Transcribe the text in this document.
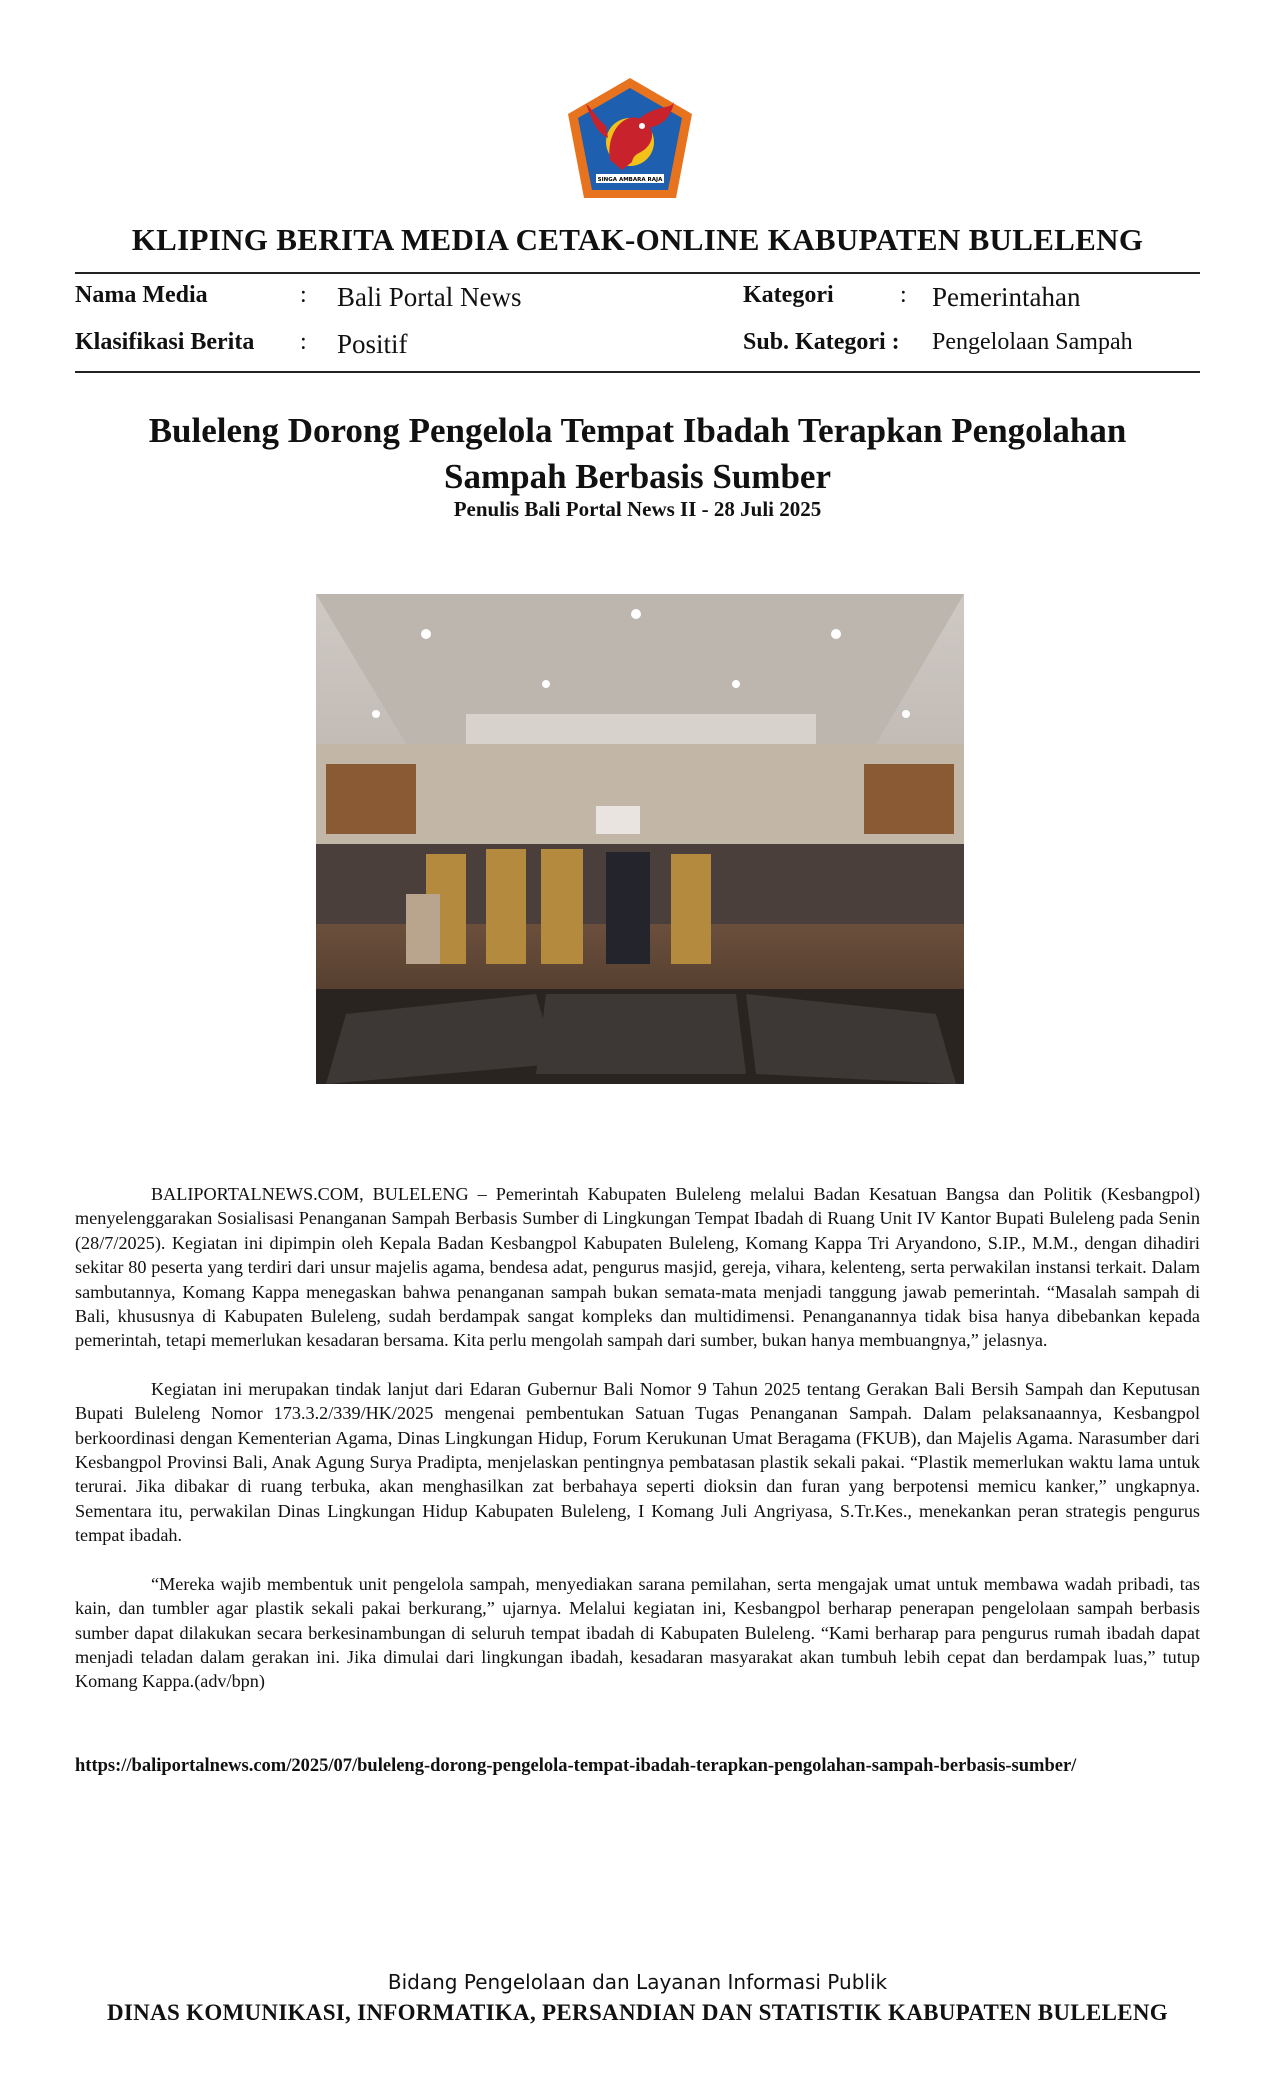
SINGA AMBARA RAJA
KLIPING BERITA MEDIA CETAK-ONLINE KABUPATEN BULELENG
Nama Media	: Bali Portal News	Kategori	: Pemerintahan
Klasifikasi Berita : Positif	Sub. Kategori : Pengelolaan Sampah
Buleleng Dorong Pengelola Tempat Ibadah Terapkan Pengolahan Sampah Berbasis Sumber
Penulis Bali Portal News II - 28 Juli 2025

BALIPORTALNEWS.COM, BULELENG – Pemerintah Kabupaten Buleleng melalui Badan Kesatuan Bangsa dan Politik (Kesbangpol) menyelenggarakan Sosialisasi Penanganan Sampah Berbasis Sumber di Lingkungan Tempat Ibadah di Ruang Unit IV Kantor Bupati Buleleng pada Senin (28/7/2025). Kegiatan ini dipimpin oleh Kepala Badan Kesbangpol Kabupaten Buleleng, Komang Kappa Tri Aryandono, S.IP., M.M., dengan dihadiri sekitar 80 peserta yang terdiri dari unsur majelis agama, bendesa adat, pengurus masjid, gereja, vihara, kelenteng, serta perwakilan instansi terkait. Dalam sambutannya, Komang Kappa menegaskan bahwa penanganan sampah bukan semata-mata menjadi tanggung jawab pemerintah. “Masalah sampah di Bali, khususnya di Kabupaten Buleleng, sudah berdampak sangat kompleks dan multidimensi. Penanganannya tidak bisa hanya dibebankan kepada pemerintah, tetapi memerlukan kesadaran bersama. Kita perlu mengolah sampah dari sumber, bukan hanya membuangnya,” jelasnya.

Kegiatan ini merupakan tindak lanjut dari Edaran Gubernur Bali Nomor 9 Tahun 2025 tentang Gerakan Bali Bersih Sampah dan Keputusan Bupati Buleleng Nomor 173.3.2/339/HK/2025 mengenai pembentukan Satuan Tugas Penanganan Sampah. Dalam pelaksanaannya, Kesbangpol berkoordinasi dengan Kementerian Agama, Dinas Lingkungan Hidup, Forum Kerukunan Umat Beragama (FKUB), dan Majelis Agama. Narasumber dari Kesbangpol Provinsi Bali, Anak Agung Surya Pradipta, menjelaskan pentingnya pembatasan plastik sekali pakai. “Plastik memerlukan waktu lama untuk terurai. Jika dibakar di ruang terbuka, akan menghasilkan zat berbahaya seperti dioksin dan furan yang berpotensi memicu kanker,” ungkapnya. Sementara itu, perwakilan Dinas Lingkungan Hidup Kabupaten Buleleng, I Komang Juli Angriyasa, S.Tr.Kes., menekankan peran strategis pengurus tempat ibadah.

“Mereka wajib membentuk unit pengelola sampah, menyediakan sarana pemilahan, serta mengajak umat untuk membawa wadah pribadi, tas kain, dan tumbler agar plastik sekali pakai berkurang,” ujarnya. Melalui kegiatan ini, Kesbangpol berharap penerapan pengelolaan sampah berbasis sumber dapat dilakukan secara berkesinambungan di seluruh tempat ibadah di Kabupaten Buleleng. “Kami berharap para pengurus rumah ibadah dapat menjadi teladan dalam gerakan ini. Jika dimulai dari lingkungan ibadah, kesadaran masyarakat akan tumbuh lebih cepat dan berdampak luas,” tutup Komang Kappa.(adv/bpn)

https://baliportalnews.com/2025/07/buleleng-dorong-pengelola-tempat-ibadah-terapkan-pengolahan-sampah-berbasis-sumber/
Bidang Pengelolaan dan Layanan Informasi Publik
DINAS KOMUNIKASI, INFORMATIKA, PERSANDIAN DAN STATISTIK KABUPATEN BULELENG
